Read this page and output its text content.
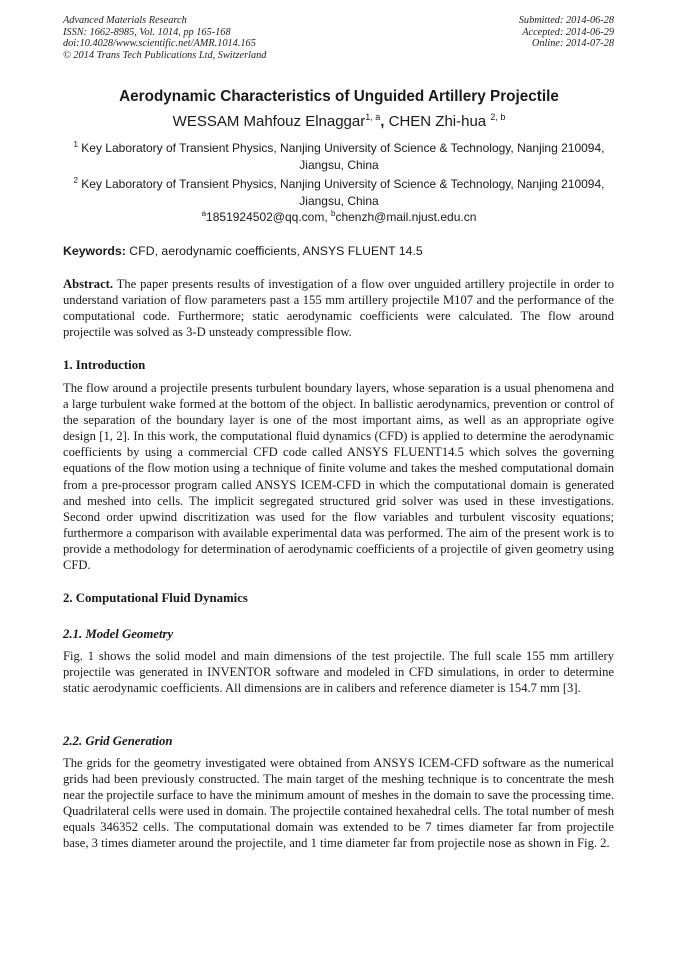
Advanced Materials Research
ISSN: 1662-8985, Vol. 1014, pp 165-168
doi:10.4028/www.scientific.net/AMR.1014.165
© 2014 Trans Tech Publications Ltd, Switzerland
Submitted: 2014-06-28
Accepted: 2014-06-29
Online: 2014-07-28
Aerodynamic Characteristics of Unguided Artillery Projectile
WESSAM Mahfouz Elnaggar$^{1, a}$, CHEN Zhi-hua $^{2, b}$
$^1$ Key Laboratory of Transient Physics, Nanjing University of Science & Technology, Nanjing 210094,
Jiangsu, China
$^2$ Key Laboratory of Transient Physics, Nanjing University of Science & Technology, Nanjing 210094,
Jiangsu, China
$^a$1851924502@qq.com, $^b$chenzh@mail.njust.edu.cn
Keywords: CFD, aerodynamic coefficients, ANSYS FLUENT 14.5
Abstract. The paper presents results of investigation of a flow over unguided artillery projectile in order to understand variation of flow parameters past a 155 mm artillery projectile M107 and the performance of the computational code. Furthermore; static aerodynamic coefficients were calculated. The flow around projectile was solved as 3-D unsteady compressible flow.
1. Introduction
The flow around a projectile presents turbulent boundary layers, whose separation is a usual phenomena and a large turbulent wake formed at the bottom of the object. In ballistic aerodynamics, prevention or control of the separation of the boundary layer is one of the most important aims, as well as an appropriate ogive design [1, 2]. In this work, the computational fluid dynamics (CFD) is applied to determine the aerodynamic coefficients by using a commercial CFD code called ANSYS FLUENT14.5 which solves the governing equations of the flow motion using a technique of finite volume and takes the meshed computational domain from a pre-processor program called ANSYS ICEM-CFD in which the computational domain is generated and meshed into cells. The implicit segregated structured grid solver was used in these investigations. Second order upwind discritization was used for the flow variables and turbulent viscosity equations; furthermore a comparison with available experimental data was performed. The aim of the present work is to provide a methodology for determination of aerodynamic coefficients of a projectile of given geometry using CFD.
2. Computational Fluid Dynamics
2.1. Model Geometry
Fig. 1 shows the solid model and main dimensions of the test projectile. The full scale 155 mm artillery projectile was generated in INVENTOR software and modeled in CFD simulations, in order to determine static aerodynamic coefficients. All dimensions are in calibers and reference diameter is 154.7 mm [3].
2.2. Grid Generation
The grids for the geometry investigated were obtained from ANSYS ICEM-CFD software as the numerical grids had been previously constructed. The main target of the meshing technique is to concentrate the mesh near the projectile surface to have the minimum amount of meshes in the domain to save the processing time. Quadrilateral cells were used in domain. The projectile contained hexahedral cells. The total number of mesh equals 346352 cells. The computational domain was extended to be 7 times diameter far from projectile base, 3 times diameter around the projectile, and 1 time diameter far from projectile nose as shown in Fig. 2.
